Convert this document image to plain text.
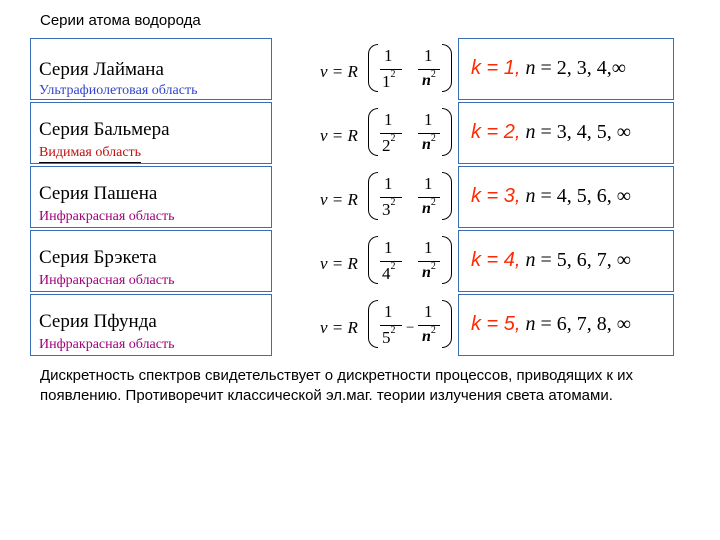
Серии атома водорода
Серия Лаймана
Ультрафиолетовая область
ν = R
1
$1^2$
1
$n^2$ k = 1, n = 2, 3, 4,∞
Серия Бальмера
Видимая область
ν = R
1
$2^2$
1
$n^2$ k = 2, n = 3, 4, 5, ∞
Серия Пашена
Инфракрасная область
ν = R
1
$3^2$
1
$n^2$ k = 3, n = 4, 5, 6, ∞
Серия Брэкета
Инфракрасная область
ν = R
1
$4^2$
1
$n^2$ k = 4, n = 5, 6, 7, ∞
Серия Пфунда
Инфракрасная область
ν = R
1
$5^2$ −
1
$n^2$ k = 5, n = 6, 7, 8, ∞
Дискретность спектров свидетельствует о дискретности процессов, приводящих к их появлению. Противоречит классической эл.маг. теории излучения света атомами.
